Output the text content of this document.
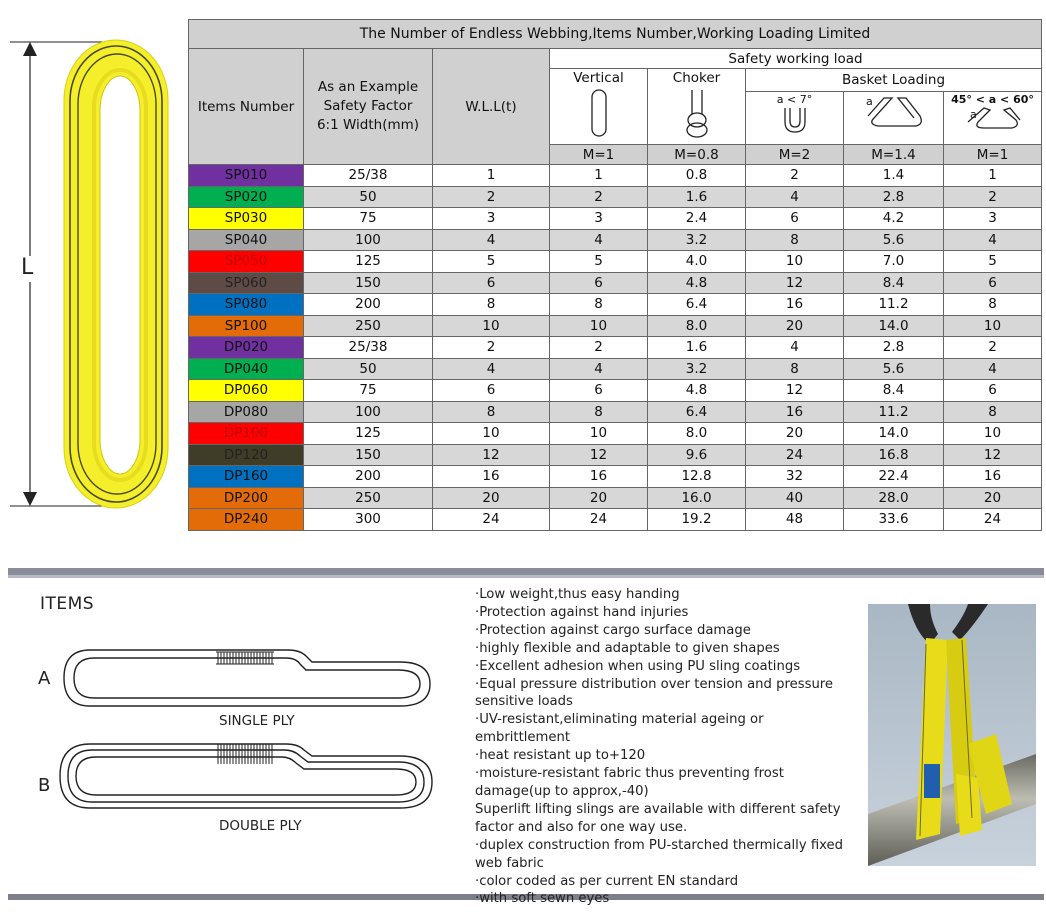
L
The Number of Endless Webbing,Items Number,Working Loading Limited							
Items Number	As an Example Safety Factor 6:1 Width(mm)	W.L.L(t)	Safety working load				

			Vertical	Choker	Basket Loading		

					a < 7°	a	45° < a < 60°
a

			M=1	M=0.8	M=2	M=1.4	M=1
SP010	25/38	1	1	0.8	2	1.4	1
SP020	50	2	2	1.6	4	2.8	2
SP030	75	3	3	2.4	6	4.2	3
SP040	100	4	4	3.2	8	5.6	4
SP050	125	5	5	4.0	10	7.0	5
SP060	150	6	6	4.8	12	8.4	6
SP080	200	8	8	6.4	16	11.2	8
SP100	250	10	10	8.0	20	14.0	10
DP020	25/38	2	2	1.6	4	2.8	2
DP040	50	4	4	3.2	8	5.6	4
DP060	75	6	6	4.8	12	8.4	6
DP080	100	8	8	6.4	16	11.2	8
DP100	125	10	10	8.0	20	14.0	10
DP120	150	12	12	9.6	24	16.8	12
DP160	200	16	16	12.8	32	22.4	16
DP200	250	20	20	16.0	40	28.0	20
DP240	300	24	24	19.2	48	33.6	24
ITEMS
A
B
SINGLE PLY
DOUBLE PLY
·Low weight,thus easy handing
·Protection against hand injuries
·Protection against cargo surface damage
·highly flexible and adaptable to given shapes
·Excellent adhesion when using PU sling coatings
·Equal pressure distribution over tension and pressure sensitive loads
·UV-resistant,eliminating material ageing or embrittlement
·heat resistant up to+120
·moisture-resistant fabric thus preventing frost damage(up to approx,-40)
Superlift lifting slings are available with different safety factor and also for one way use.
·duplex construction from PU-starched thermically fixed web fabric
·color coded as per current EN standard
·with soft sewn eyes
